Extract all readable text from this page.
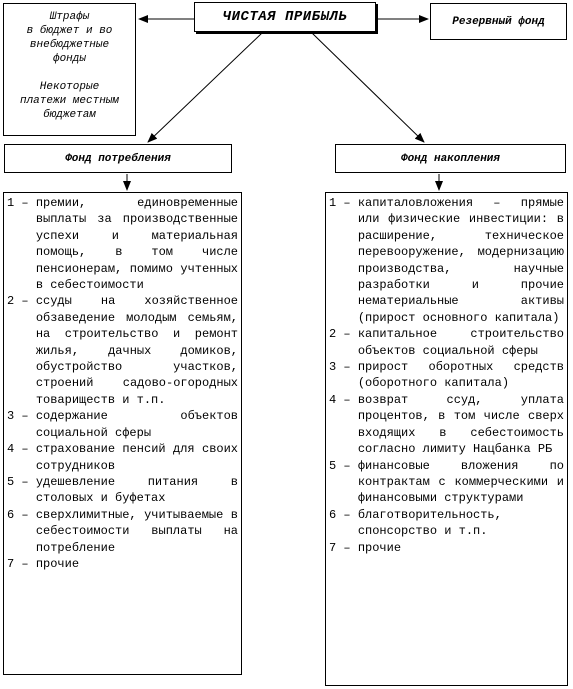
ЧИСТАЯ ПРИБЫЛЬ
Штрафы
в бюджет и во
внебюджетные
фонды
Некоторые
платежи местным
бюджетам
Резервный фонд
Фонд потребления	Фонд накопления
1 – премии, единовременные выплаты за производственные успехи и материальная помощь, в том числе пенсионерам, помимо учтенных в себестоимости
2 – ссуды на хозяйственное обзаведение молодым семьям, на строительство и ремонт жилья, дачных домиков, обустройство участков, строений садово-огородных товариществ и т.п.
3 – содержание объектов социальной сферы
4 – страхование пенсий для своих сотрудников
5 – удешевление питания в столовых и буфетах
6 – сверхлимитные, учитываемые в себестоимости выплаты на потребление
7 – прочие
1 – капиталовложения – прямые или физические инвестиции: в расширение, техническое перевооружение, модернизацию производства, научные разработки и прочие нематериальные активы (прирост основного капитала)
2 – капитальное строительство объектов социальной сферы
3 – прирост оборотных средств (оборотного капитала)
4 – возврат ссуд, уплата процентов, в том числе сверх входящих в себестоимость согласно лимиту Нацбанка РБ
5 – финансовые вложения по контрактам с коммерческими и финансовыми структурами
6 – благотворительность, спонсорство и т.п.
7 – прочие
